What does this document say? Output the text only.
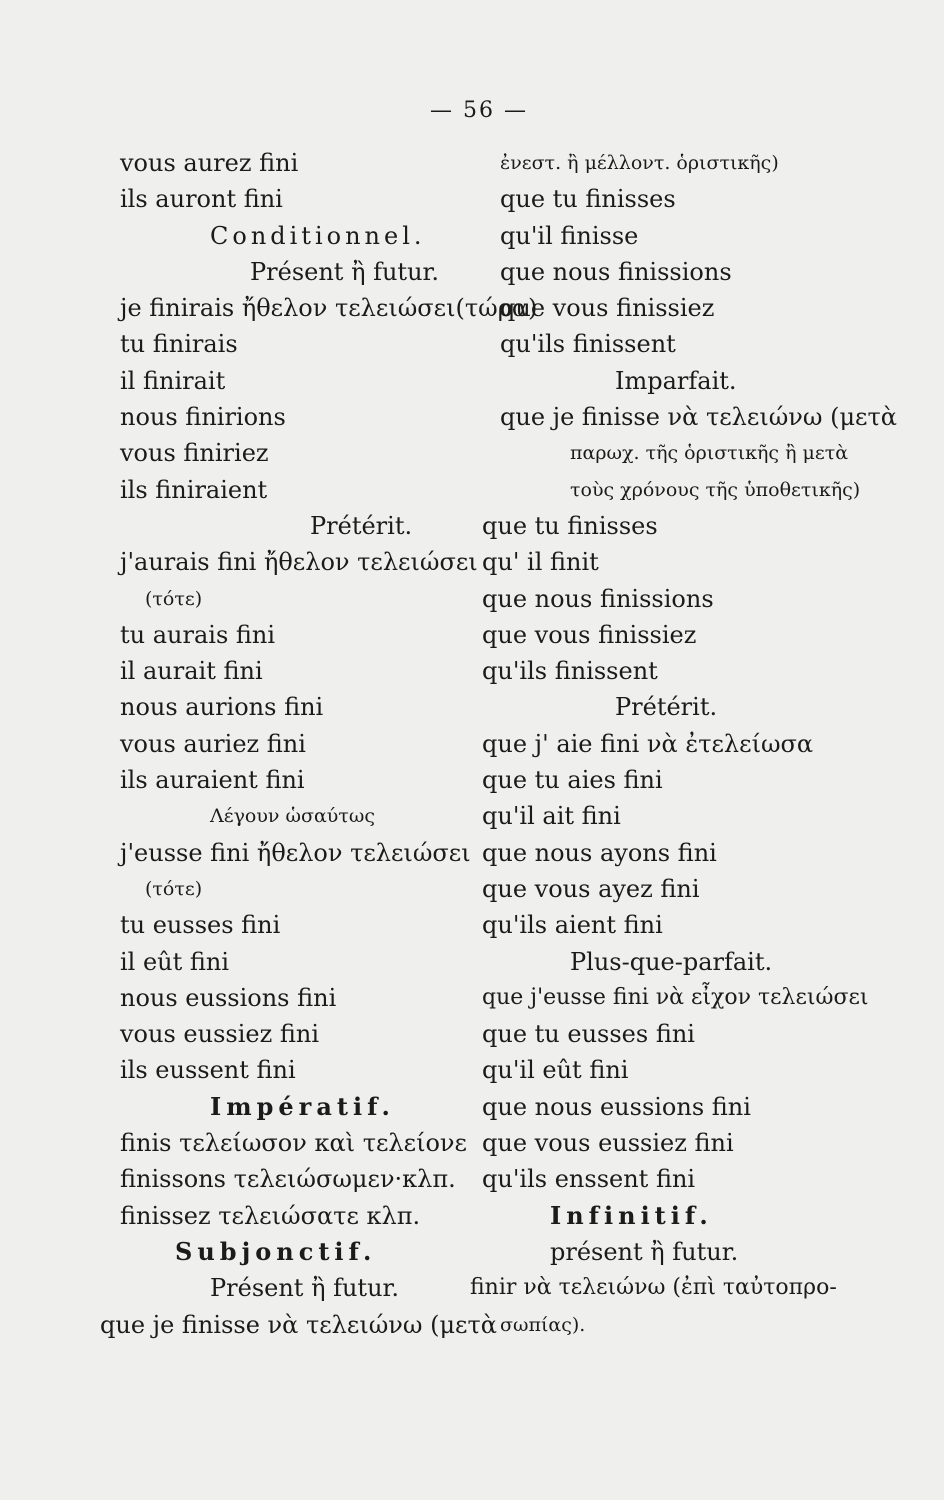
— 56 —
vous aurez fini
ils auront fini
Conditionnel.
Présent ἢ futur.
je finirais ἤθελον τελειώσει(τώρα)
tu finirais
il finirait
nous finirions
vous finiriez
ils finiraient
Prétérit.
j'aurais fini ἤθελον τελειώσει
(τότε)
tu aurais fini
il aurait fini
nous aurions fini
vous auriez fini
ils auraient fini
Λέγουν ὡσαύτως
j'eusse fini ἤθελον τελειώσει
(τότε)
tu eusses fini
il eût fini
nous eussions fini
vous eussiez fini
ils eussent fini
Impératif.
finis τελείωσον καὶ τελείονε
finissons τελειώσωμεν·κλπ.
finissez τελειώσατε κλπ.
Subjonctif.
Présent ἢ futur.
que je finisse νὰ τελειώνω (μετὰ
ἐνεστ. ἢ μέλλοντ. ὁριστικῆς)
que tu finisses
qu'il finisse
que nous finissions
que vous finissiez
qu'ils finissent
Imparfait.
que je finisse νὰ τελειώνω (μετὰ
παρωχ. τῆς ὁριστικῆς ἢ μετὰ
τοὺς χρόνους τῆς ὑποθετικῆς)
que tu finisses
qu' il finit
que nous finissions
que vous finissiez
qu'ils finissent
Prétérit.
que j' aie fini νὰ ἐτελείωσα
que tu aies fini
qu'il ait fini
que nous ayons fini
que vous ayez fini
qu'ils aient fini
Plus-que-parfait.
que j'eusse fini νὰ εἶχον τελειώσει
que tu eusses fini
qu'il eût fini
que nous eussions fini
que vous eussiez fini
qu'ils enssent fini
Infinitif.
présent ἢ futur.
finir νὰ τελειώνω (ἐπὶ ταὐτοπρο-
σωπίας).
